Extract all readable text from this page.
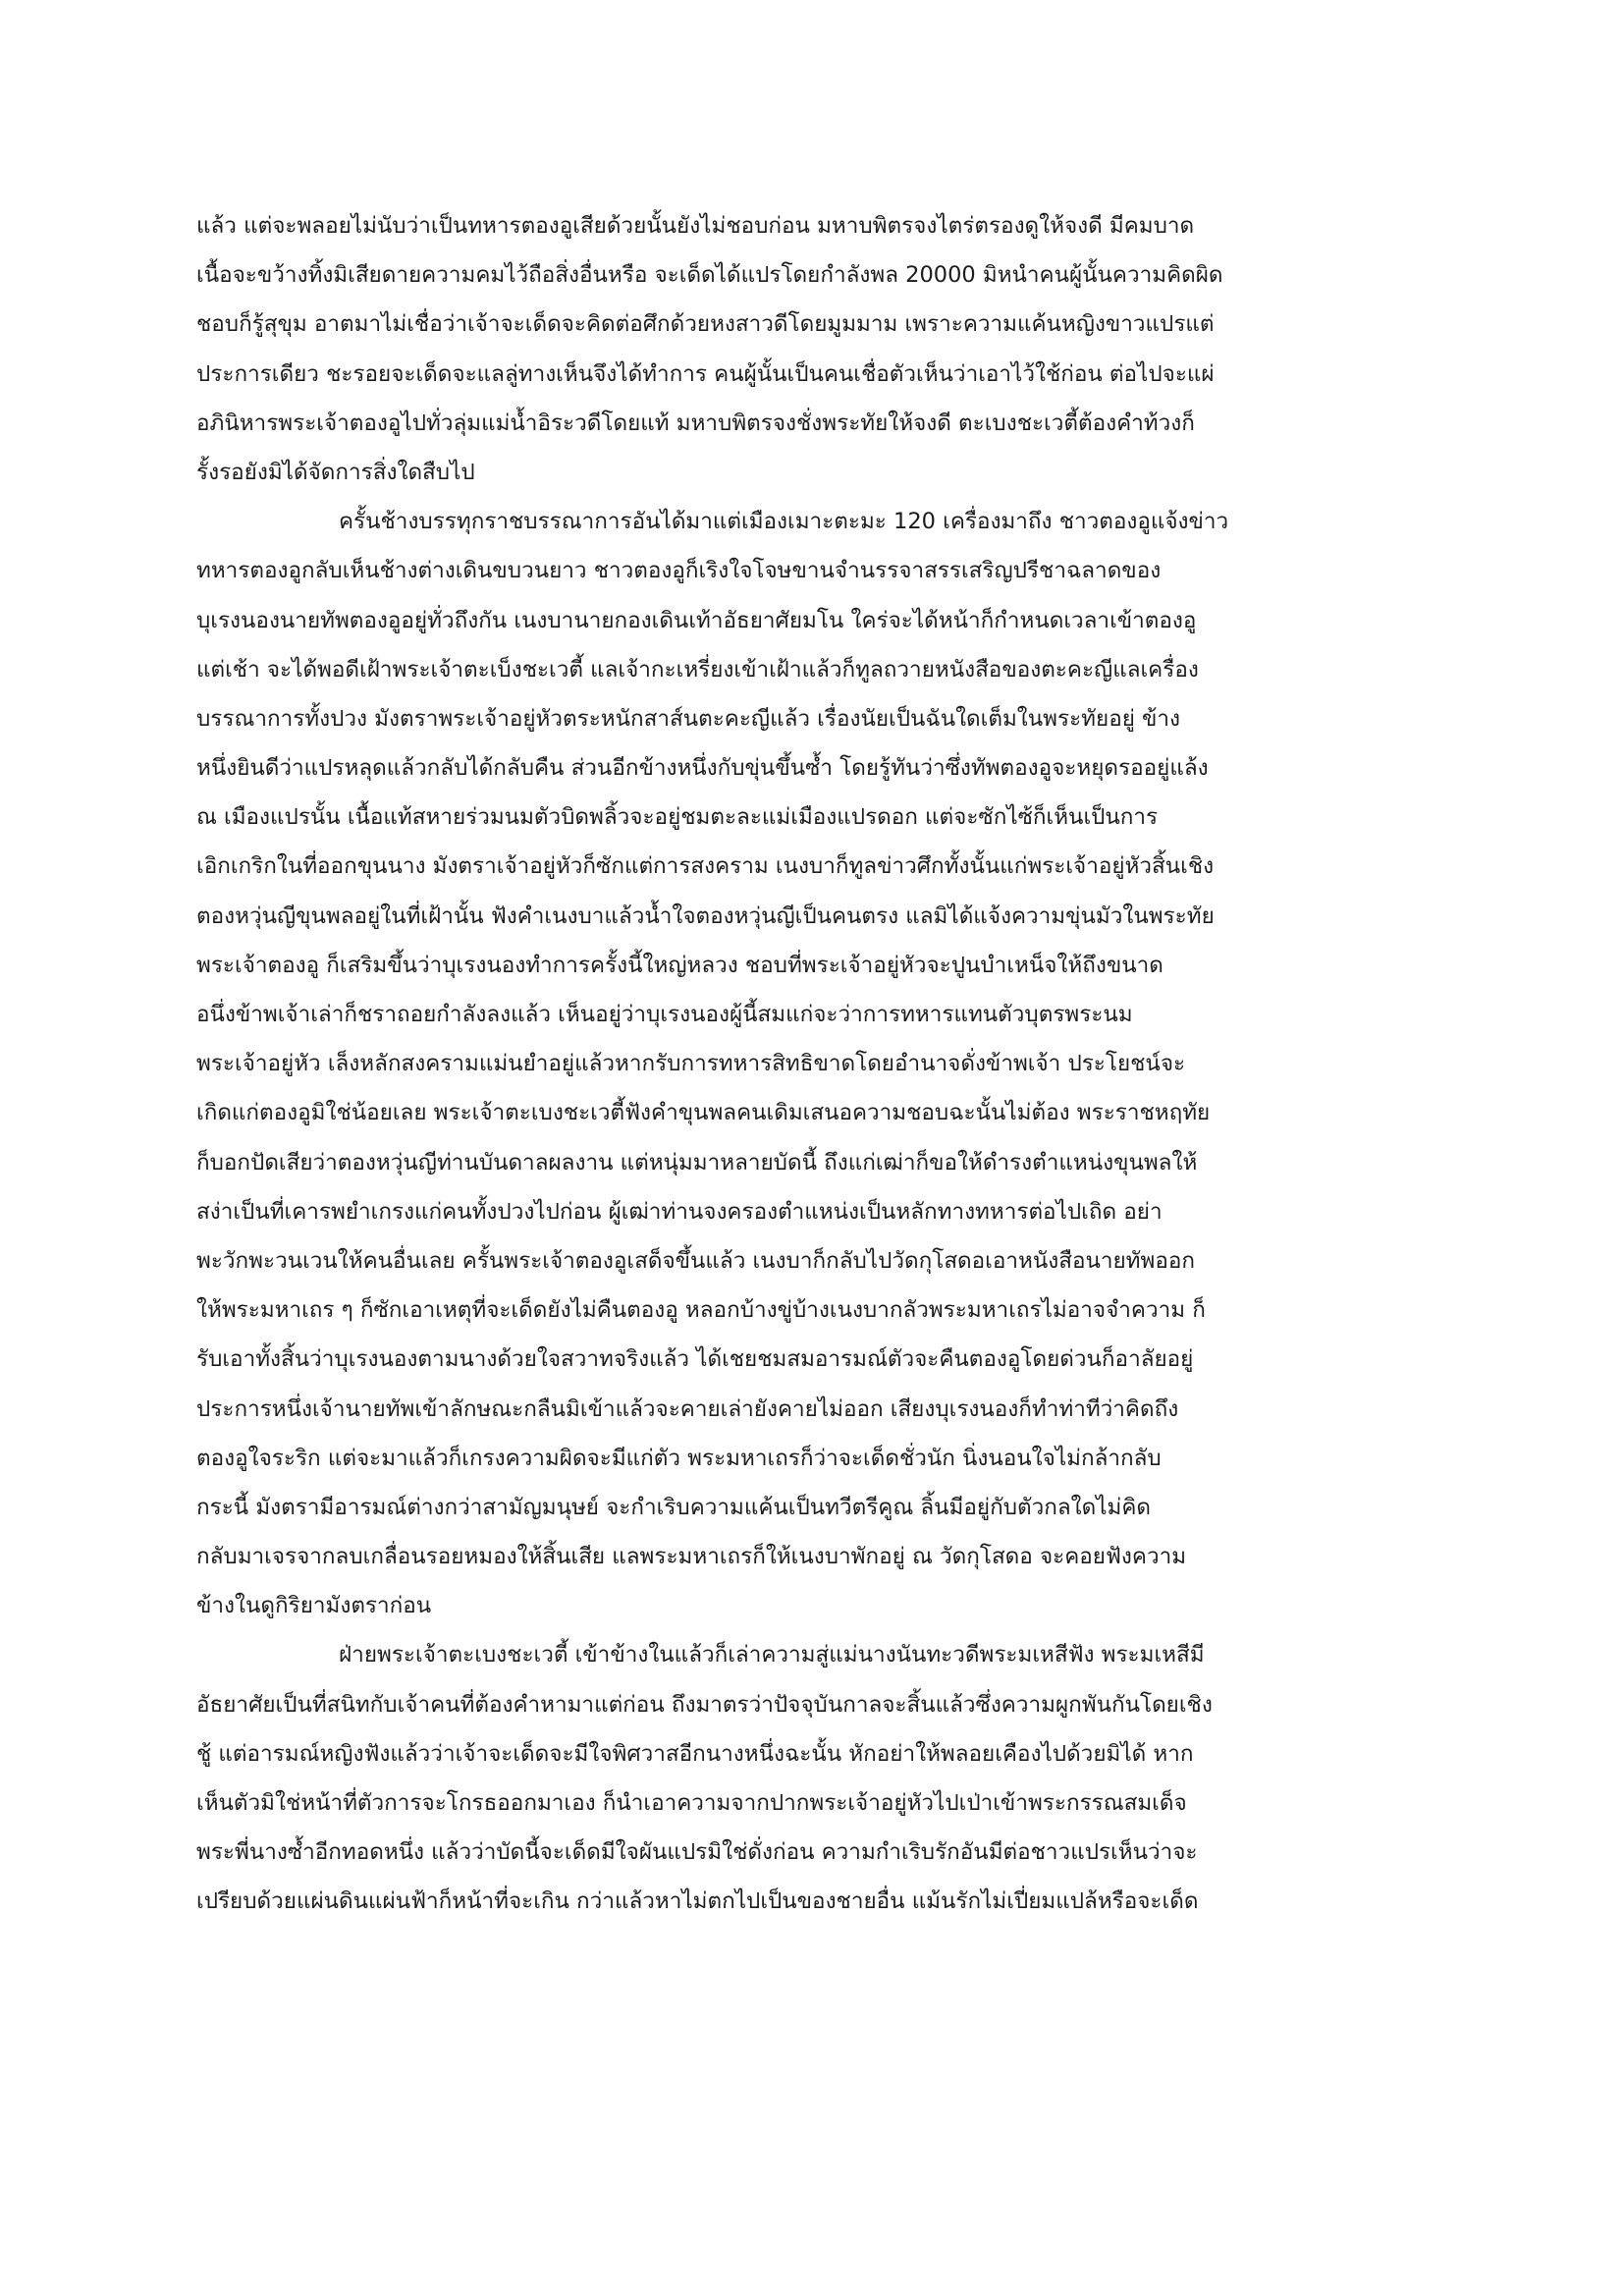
แล้ว แต่จะพลอยไม่นับว่าเป็นทหารตองอูเสียด้วยนั้นยังไม่ชอบก่อน มหาบพิตรจงไตร่ตรองดูให้จงดี มีคมบาด
เนื้อจะขว้างทิ้งมิเสียดายความคมไว้ถือสิ่งอื่นหรือ จะเด็ดได้แปรโดยกำลังพล 20000 มิหนำคนผู้นั้นความคิดผิด
ชอบก็รู้สุขุม อาตมาไม่เชื่อว่าเจ้าจะเด็ดจะคิดต่อศึกด้วยหงสาวดีโดยมูมมาม เพราะความแค้นหญิงขาวแปรแต่
ประการเดียว ชะรอยจะเด็ดจะแลลู่ทางเห็นจึงได้ทำการ คนผู้นั้นเป็นคนเชื่อตัวเห็นว่าเอาไว้ใช้ก่อน ต่อไปจะแผ่
อภินิหารพระเจ้าตองอูไปทั่วลุ่มแม่น้ำอิระวดีโดยแท้ มหาบพิตรจงชั่งพระทัยให้จงดี ตะเบงชะเวตี้ต้องคำท้วงก็
รั้งรอยังมิได้จัดการสิ่งใดสืบไป
ครั้นช้างบรรทุกราชบรรณาการอันได้มาแต่เมืองเมาะตะมะ 120 เครื่องมาถึง ชาวตองอูแจ้งข่าว
ทหารตองอูกลับเห็นช้างต่างเดินขบวนยาว ชาวตองอูก็เริงใจโจษขานจำนรรจาสรรเสริญปรีชาฉลาดของ
บุเรงนองนายทัพตองอูอยู่ทั่วถึงกัน เนงบานายกองเดินเท้าอัธยาศัยมโน ใคร่จะได้หน้าก็กำหนดเวลาเข้าตองอู
แต่เช้า จะได้พอดีเฝ้าพระเจ้าตะเบ็งชะเวตี้ แลเจ้ากะเหรี่ยงเข้าเฝ้าแล้วก็ทูลถวายหนังสือของตะคะญีแลเครื่อง
บรรณาการทั้งปวง มังตราพระเจ้าอยู่หัวตระหนักสาส์นตะคะญีแล้ว เรื่องนัยเป็นฉันใดเต็มในพระทัยอยู่ ข้าง
หนึ่งยินดีว่าแปรหลุดแล้วกลับได้กลับคืน ส่วนอีกข้างหนึ่งกับขุ่นขึ้นซ้ำ โดยรู้ทันว่าซึ่งทัพตองอูจะหยุดรออยู่แล้ง
ณ เมืองแปรนั้น เนื้อแท้สหายร่วมนมตัวบิดพลิ้วจะอยู่ชมตะละแม่เมืองแปรดอก แต่จะซักไซ้ก็เห็นเป็นการ
เอิกเกริกในที่ออกขุนนาง มังตราเจ้าอยู่หัวก็ซักแต่การสงคราม เนงบาก็ทูลข่าวศึกทั้งนั้นแก่พระเจ้าอยู่หัวสิ้นเชิง
ตองหวุ่นญีขุนพลอยู่ในที่เฝ้านั้น ฟังคำเนงบาแล้วน้ำใจตองหวุ่นญีเป็นคนตรง แลมิได้แจ้งความขุ่นมัวในพระทัย
พระเจ้าตองอู ก็เสริมขึ้นว่าบุเรงนองทำการครั้งนี้ใหญ่หลวง ชอบที่พระเจ้าอยู่หัวจะปูนบำเหน็จให้ถึงขนาด
อนึ่งข้าพเจ้าเล่าก็ชราถอยกำลังลงแล้ว เห็นอยู่ว่าบุเรงนองผู้นี้สมแก่จะว่าการทหารแทนตัวบุตรพระนม
พระเจ้าอยู่หัว เล็งหลักสงครามแม่นยำอยู่แล้วหากรับการทหารสิทธิขาดโดยอำนาจดั่งข้าพเจ้า ประโยชน์จะ
เกิดแก่ตองอูมิใช่น้อยเลย พระเจ้าตะเบงชะเวตี้ฟังคำขุนพลคนเดิมเสนอความชอบฉะนั้นไม่ต้อง พระราชหฤทัย
ก็บอกปัดเสียว่าตองหวุ่นญีท่านบันดาลผลงาน แต่หนุ่มมาหลายบัดนี้ ถึงแก่เฒ่าก็ขอให้ดำรงตำแหน่งขุนพลให้
สง่าเป็นที่เคารพยำเกรงแก่คนทั้งปวงไปก่อน ผู้เฒ่าท่านจงครองตำแหน่งเป็นหลักทางทหารต่อไปเถิด อย่า
พะวักพะวนเวนให้คนอื่นเลย ครั้นพระเจ้าตองอูเสด็จขึ้นแล้ว เนงบาก็กลับไปวัดกุโสดอเอาหนังสือนายทัพออก
ให้พระมหาเถร ๆ ก็ซักเอาเหตุที่จะเด็ดยังไม่คืนตองอู หลอกบ้างขู่บ้างเนงบากลัวพระมหาเถรไม่อาจจำความ ก็
รับเอาทั้งสิ้นว่าบุเรงนองตามนางด้วยใจสวาทจริงแล้ว ได้เชยชมสมอารมณ์ตัวจะคืนตองอูโดยด่วนก็อาลัยอยู่
ประการหนึ่งเจ้านายทัพเข้าลักษณะกลืนมิเข้าแล้วจะคายเล่ายังคายไม่ออก เสียงบุเรงนองก็ทำท่าทีว่าคิดถึง
ตองอูใจระริก แต่จะมาแล้วก็เกรงความผิดจะมีแก่ตัว พระมหาเถรก็ว่าจะเด็ดชั่วนัก นิ่งนอนใจไม่กล้ากลับ
กระนี้ มังตรามีอารมณ์ต่างกว่าสามัญมนุษย์ จะกำเริบความแค้นเป็นทวีตรีคูณ ลิ้นมีอยู่กับตัวกลใดไม่คิด
กลับมาเจรจากลบเกลื่อนรอยหมองให้สิ้นเสีย แลพระมหาเถรก็ให้เนงบาพักอยู่ ณ วัดกุโสดอ จะคอยฟังความ
ข้างในดูกิริยามังตราก่อน
ฝ่ายพระเจ้าตะเบงชะเวตี้ เข้าข้างในแล้วก็เล่าความสู่แม่นางนันทะวดีพระมเหสีฟัง พระมเหสีมี
อัธยาศัยเป็นที่สนิทกับเจ้าคนที่ต้องคำหามาแต่ก่อน ถึงมาตรว่าปัจจุบันกาลจะสิ้นแล้วซึ่งความผูกพันกันโดยเชิง
ชู้ แต่อารมณ์หญิงฟังแล้วว่าเจ้าจะเด็ดจะมีใจพิศวาสอีกนางหนึ่งฉะนั้น หักอย่าให้พลอยเคืองไปด้วยมิได้ หาก
เห็นตัวมิใช่หน้าที่ตัวการจะโกรธออกมาเอง ก็นำเอาความจากปากพระเจ้าอยู่หัวไปเป่าเข้าพระกรรณสมเด็จ
พระพี่นางซ้ำอีกทอดหนึ่ง แล้วว่าบัดนี้จะเด็ดมีใจผันแปรมิใช่ดั่งก่อน ความกำเริบรักอันมีต่อชาวแปรเห็นว่าจะ
เปรียบด้วยแผ่นดินแผ่นฟ้าก็หน้าที่จะเกิน กว่าแล้วหาไม่ตกไปเป็นของชายอื่น แม้นรักไม่เปี่ยมแปล้หรือจะเด็ด
